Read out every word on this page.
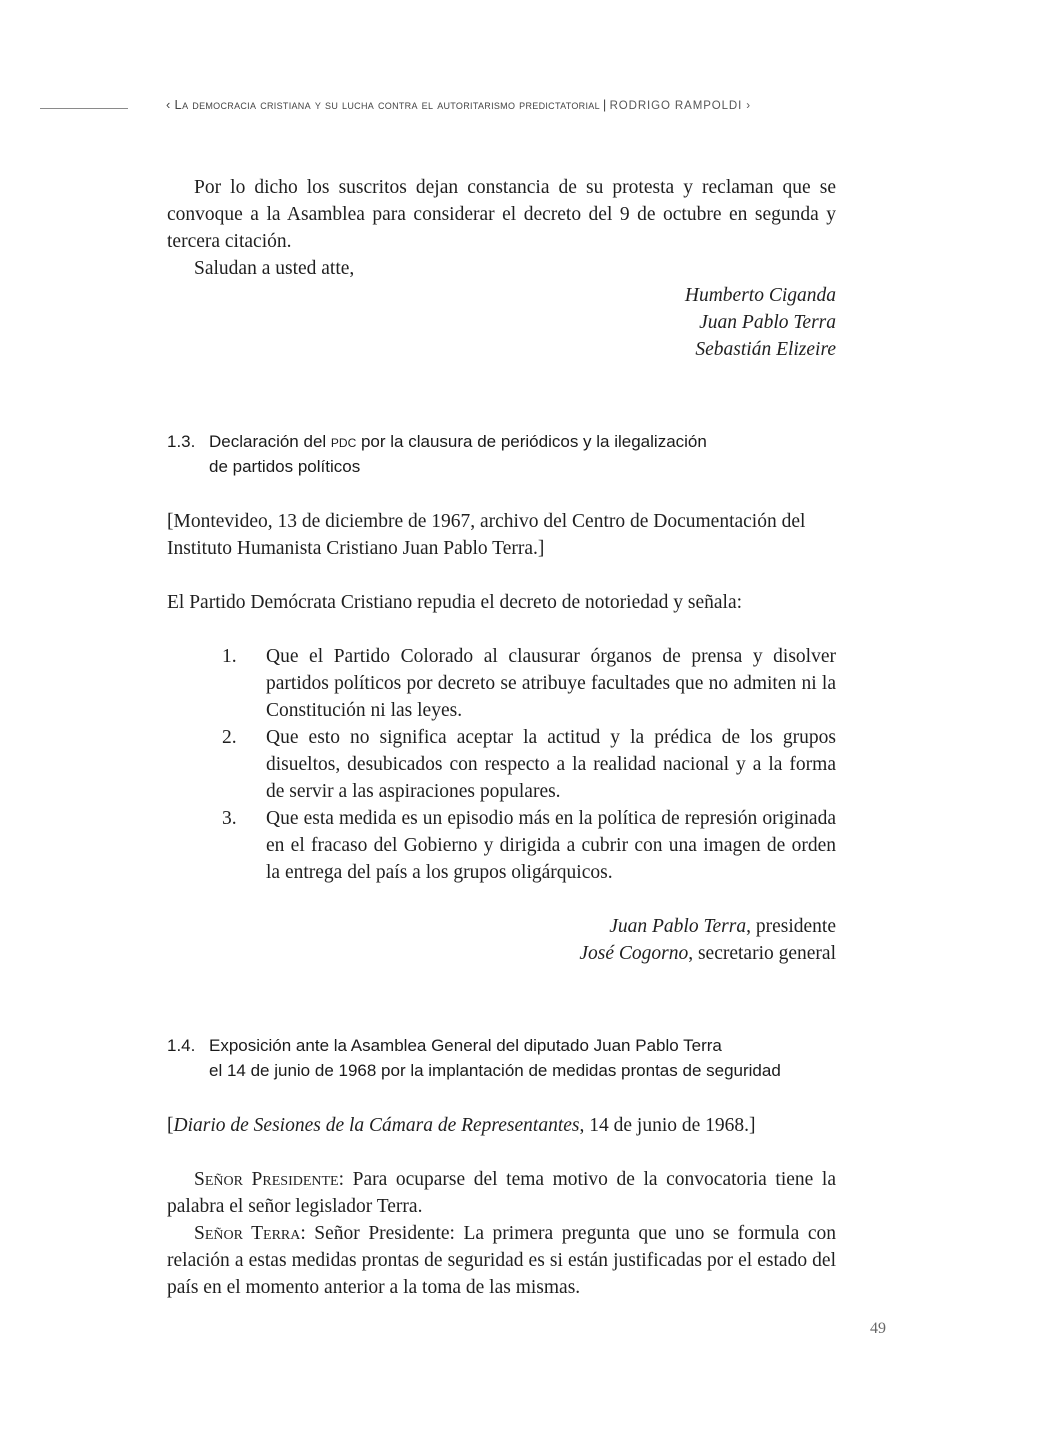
‹ La democracia cristiana y su lucha contra el autoritarismo predictatorial | RODRIGO RAMPOLDI ›

Por lo dicho los suscritos dejan constancia de su protesta y reclaman que se convoque a la Asamblea para considerar el decreto del 9 de octubre en segunda y tercera citación.

Saludan a usted atte,

Humberto Ciganda

Juan Pablo Terra

Sebastián Elizeire

1.3. Declaración del pdc por la clausura de periódicos y la ilegalización
de partidos políticos

[Montevideo, 13 de diciembre de 1967, archivo del Centro de Documentación del Instituto Humanista Cristiano Juan Pablo Terra.]

El Partido Demócrata Cristiano repudia el decreto de notoriedad y señala:

1.	Que el Partido Colorado al clausurar órganos de prensa y disolver partidos políticos por decreto se atribuye facultades que no admiten ni la Constitución ni las leyes.
2.	Que esto no significa aceptar la actitud y la prédica de los grupos disueltos, desubicados con respecto a la realidad nacional y a la forma de servir a las aspiraciones populares.
3.	Que esta medida es un episodio más en la política de represión originada en el fracaso del Gobierno y dirigida a cubrir con una imagen de orden la entrega del país a los grupos oligárquicos.

Juan Pablo Terra, presidente

José Cogorno, secretario general

1.4. Exposición ante la Asamblea General del diputado Juan Pablo Terra
el 14 de junio de 1968 por la implantación de medidas prontas de seguridad

[Diario de Sesiones de la Cámara de Representantes, 14 de junio de 1968.]

Señor Presidente: Para ocuparse del tema motivo de la convocatoria tiene la palabra el señor legislador Terra.

Señor Terra: Señor Presidente: La primera pregunta que uno se formula con relación a estas medidas prontas de seguridad es si están justificadas por el estado del país en el momento anterior a la toma de las mismas.

49
